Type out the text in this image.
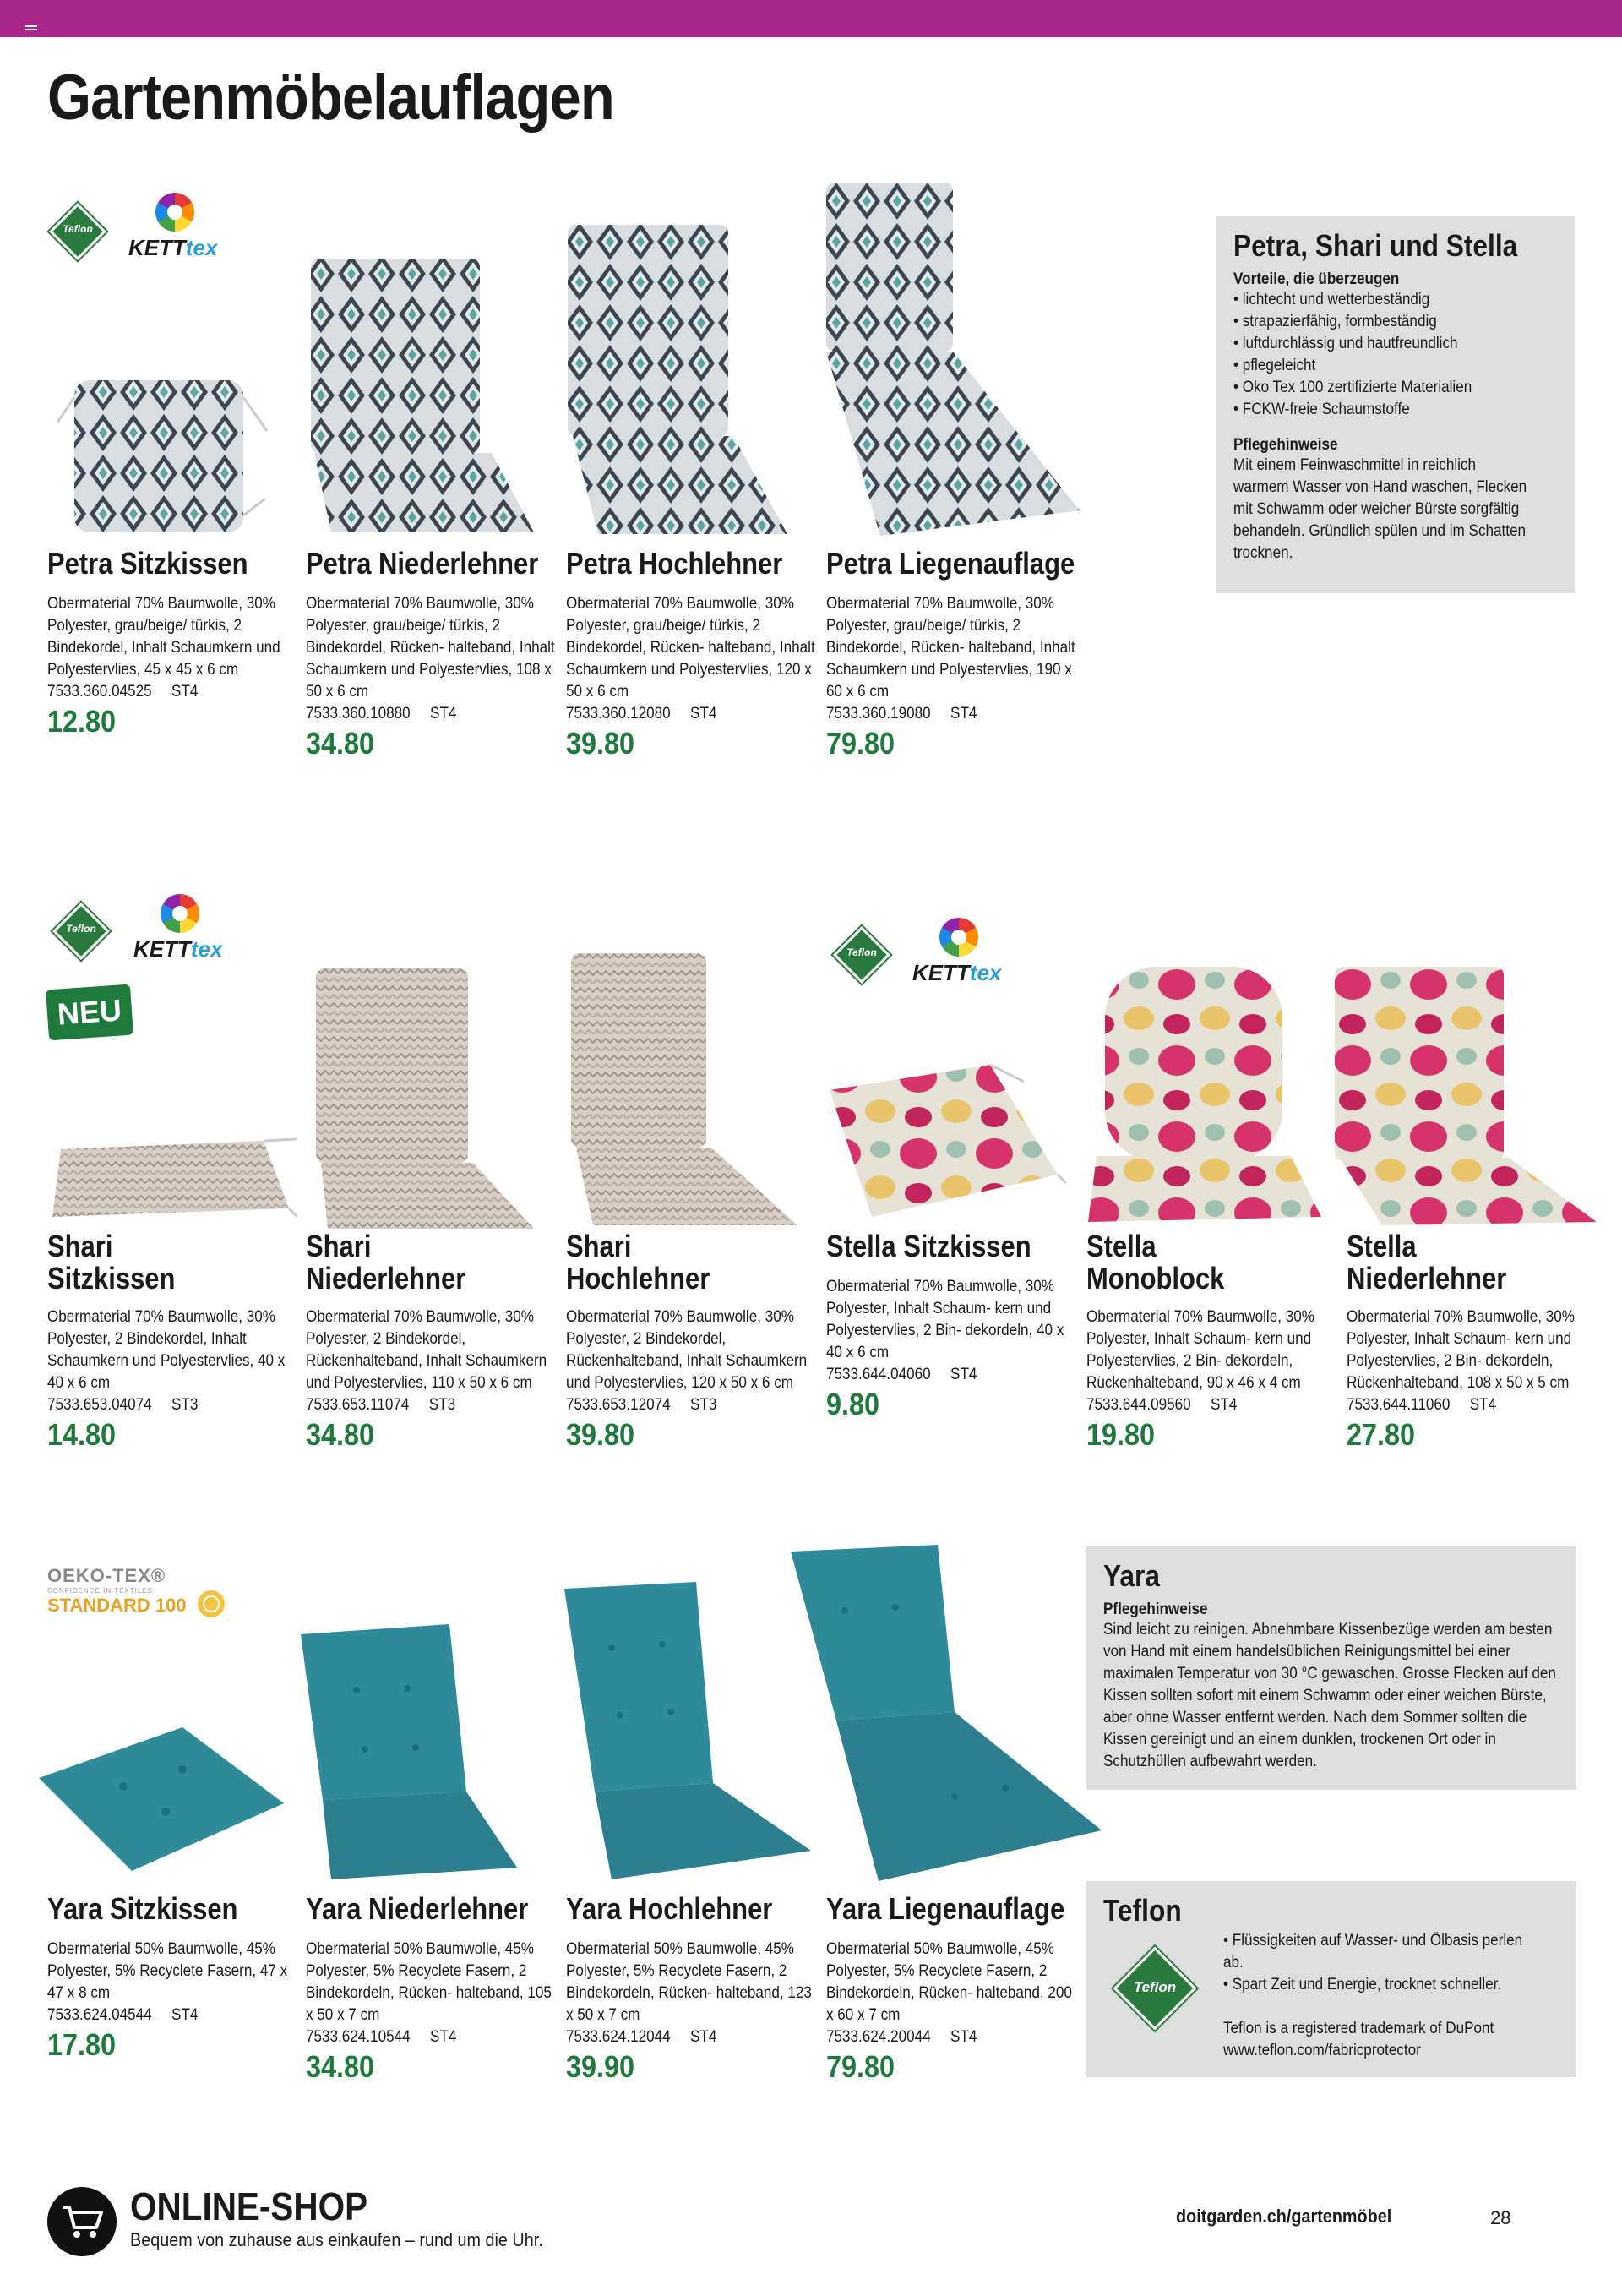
Gartenmöbelauflagen
Teflon
KETTtex
Petra Sitzkissen
Obermaterial 70% Baumwolle, 30% Polyester, grau/beige/ türkis, 2 Bindekordel, Inhalt Schaumkern und Polyestervlies, 45 x 45 x 6 cm
7533.360.04525 ST4
12.80
Petra Niederlehner
Obermaterial 70% Baumwolle, 30% Polyester, grau/beige/ türkis, 2 Bindekordel, Rücken- halteband, Inhalt Schaumkern und Polyestervlies, 108 x 50 x 6 cm
7533.360.10880 ST4
34.80
Petra Hochlehner
Obermaterial 70% Baumwolle, 30% Polyester, grau/beige/ türkis, 2 Bindekordel, Rücken- halteband, Inhalt Schaumkern und Polyestervlies, 120 x 50 x 6 cm
7533.360.12080 ST4
39.80
Petra Liegenauflage
Obermaterial 70% Baumwolle, 30% Polyester, grau/beige/ türkis, 2 Bindekordel, Rücken- halteband, Inhalt Schaumkern und Polyestervlies, 190 x 60 x 6 cm
7533.360.19080 ST4
79.80
Petra, Shari und Stella
Vorteile, die überzeugen
• lichtecht und wetterbeständig
• strapazierfähig, formbeständig
• luftdurchlässig und hautfreundlich
• pflegeleicht
• Öko Tex 100 zertifizierte Materialien
• FCKW-freie Schaumstoffe
Pflegehinweise
Mit einem Feinwaschmittel in reichlich warmem Wasser von Hand waschen, Flecken mit Schwamm oder weicher Bürste sorgfältig behandeln. Gründlich spülen und im Schatten trocknen.
Teflon
KETTtex
NEU
Shari
Sitzkissen
Obermaterial 70% Baumwolle, 30% Polyester, 2 Bindekordel, Inhalt Schaumkern und Polyestervlies, 40 x 40 x 6 cm
7533.653.04074 ST3
14.80
Shari
Niederlehner
Obermaterial 70% Baumwolle, 30% Polyester, 2 Bindekordel, Rückenhalteband, Inhalt Schaumkern und Polyestervlies, 110 x 50 x 6 cm
7533.653.11074 ST3
34.80
Shari
Hochlehner
Obermaterial 70% Baumwolle, 30% Polyester, 2 Bindekordel, Rückenhalteband, Inhalt Schaumkern und Polyestervlies, 120 x 50 x 6 cm
7533.653.12074 ST3
39.80
Teflon
KETTtex
Stella Sitzkissen
Obermaterial 70% Baumwolle, 30% Polyester, Inhalt Schaum- kern und Polyestervlies, 2 Bin- dekordeln, 40 x 40 x 6 cm
7533.644.04060 ST4
9.80
Stella
Monoblock
Obermaterial 70% Baumwolle, 30% Polyester, Inhalt Schaum- kern und Polyestervlies, 2 Bin- dekordeln, Rückenhalteband, 90 x 46 x 4 cm
7533.644.09560 ST4
19.80
Stella
Niederlehner
Obermaterial 70% Baumwolle, 30% Polyester, Inhalt Schaum- kern und Polyestervlies, 2 Bin- dekordeln, Rückenhalteband, 108 x 50 x 5 cm
7533.644.11060 ST4
27.80
OEKO-TEX®
CONFIDENCE IN TEXTILES
STANDARD 100
Yara Sitzkissen
Obermaterial 50% Baumwolle, 45% Polyester, 5% Recyclete Fasern, 47 x 47 x 8 cm
7533.624.04544 ST4
17.80
Yara Niederlehner
Obermaterial 50% Baumwolle, 45% Polyester, 5% Recyclete Fasern, 2 Bindekordeln, Rücken- halteband, 105 x 50 x 7 cm
7533.624.10544 ST4
34.80
Yara Hochlehner
Obermaterial 50% Baumwolle, 45% Polyester, 5% Recyclete Fasern, 2 Bindekordeln, Rücken- halteband, 123 x 50 x 7 cm
7533.624.12044 ST4
39.90
Yara Liegenauflage
Obermaterial 50% Baumwolle, 45% Polyester, 5% Recyclete Fasern, 2 Bindekordeln, Rücken- halteband, 200 x 60 x 7 cm
7533.624.20044 ST4
79.80
Yara
Pflegehinweise
Sind leicht zu reinigen. Abnehmbare Kissenbezüge werden am besten von Hand mit einem handelsüblichen Reinigungsmittel bei einer maximalen Temperatur von 30 °C gewaschen. Grosse Flecken auf den Kissen sollten sofort mit einem Schwamm oder einer weichen Bürste, aber ohne Wasser entfernt werden. Nach dem Sommer sollten die Kissen gereinigt und an einem dunklen, trockenen Ort oder in Schutzhüllen aufbewahrt werden.
Teflon
Teflon
• Flüssigkeiten auf Wasser- und Ölbasis perlen ab.
• Spart Zeit und Energie, trocknet schneller.
Teflon is a registered trademark of DuPont
www.teflon.com/fabricprotector
ONLINE-SHOP
Bequem von zuhause aus einkaufen – rund um die Uhr.
doitgarden.ch/gartenmöbel	28
